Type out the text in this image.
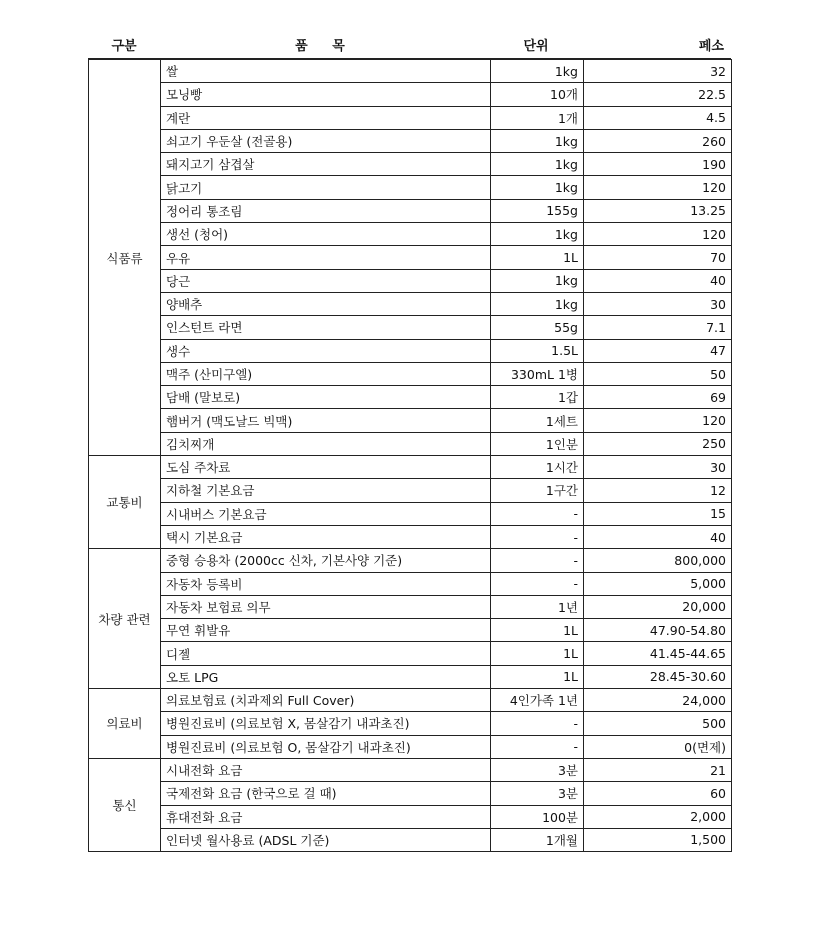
구분	품 목	단위	페소
식품류	쌀	1kg	32
	모닝빵	10개	22.5
	계란	1개	4.5
	쇠고기 우둔살 (전골용)	1kg	260
	돼지고기 삼겹살	1kg	190
	닭고기	1kg	120
	정어리 통조림	155g	13.25
	생선 (청어)	1kg	120
	우유	1L	70
	당근	1kg	40
	양배추	1kg	30
	인스턴트 라면	55g	7.1
	생수	1.5L	47
	맥주 (산미구엘)	330mL 1병	50
	담배 (말보로)	1갑	69
	햄버거 (맥도날드 빅맥)	1세트	120
	김치찌개	1인분	250
교통비	도심 주차료	1시간	30
	지하철 기본요금	1구간	12
	시내버스 기본요금	-	15
	택시 기본요금	-	40
차량 관련	중형 승용차 (2000cc 신차, 기본사양 기준)	-	800,000
	자동차 등록비	-	5,000
	자동차 보험료 의무	1년	20,000
	무연 휘발유	1L	47.90-54.80
	디젤	1L	41.45-44.65
	오토 LPG	1L	28.45-30.60
의료비	의료보험료 (치과제외 Full Cover)	4인가족 1년	24,000
	병원진료비 (의료보험 X, 몸살감기 내과초진)	-	500
	병원진료비 (의료보험 O, 몸살감기 내과초진)	-	0(면제)
통신	시내전화 요금	3분	21
	국제전화 요금 (한국으로 걸 때)	3분	60
	휴대전화 요금	100분	2,000
	인터넷 월사용료 (ADSL 기준)	1개월	1,500
